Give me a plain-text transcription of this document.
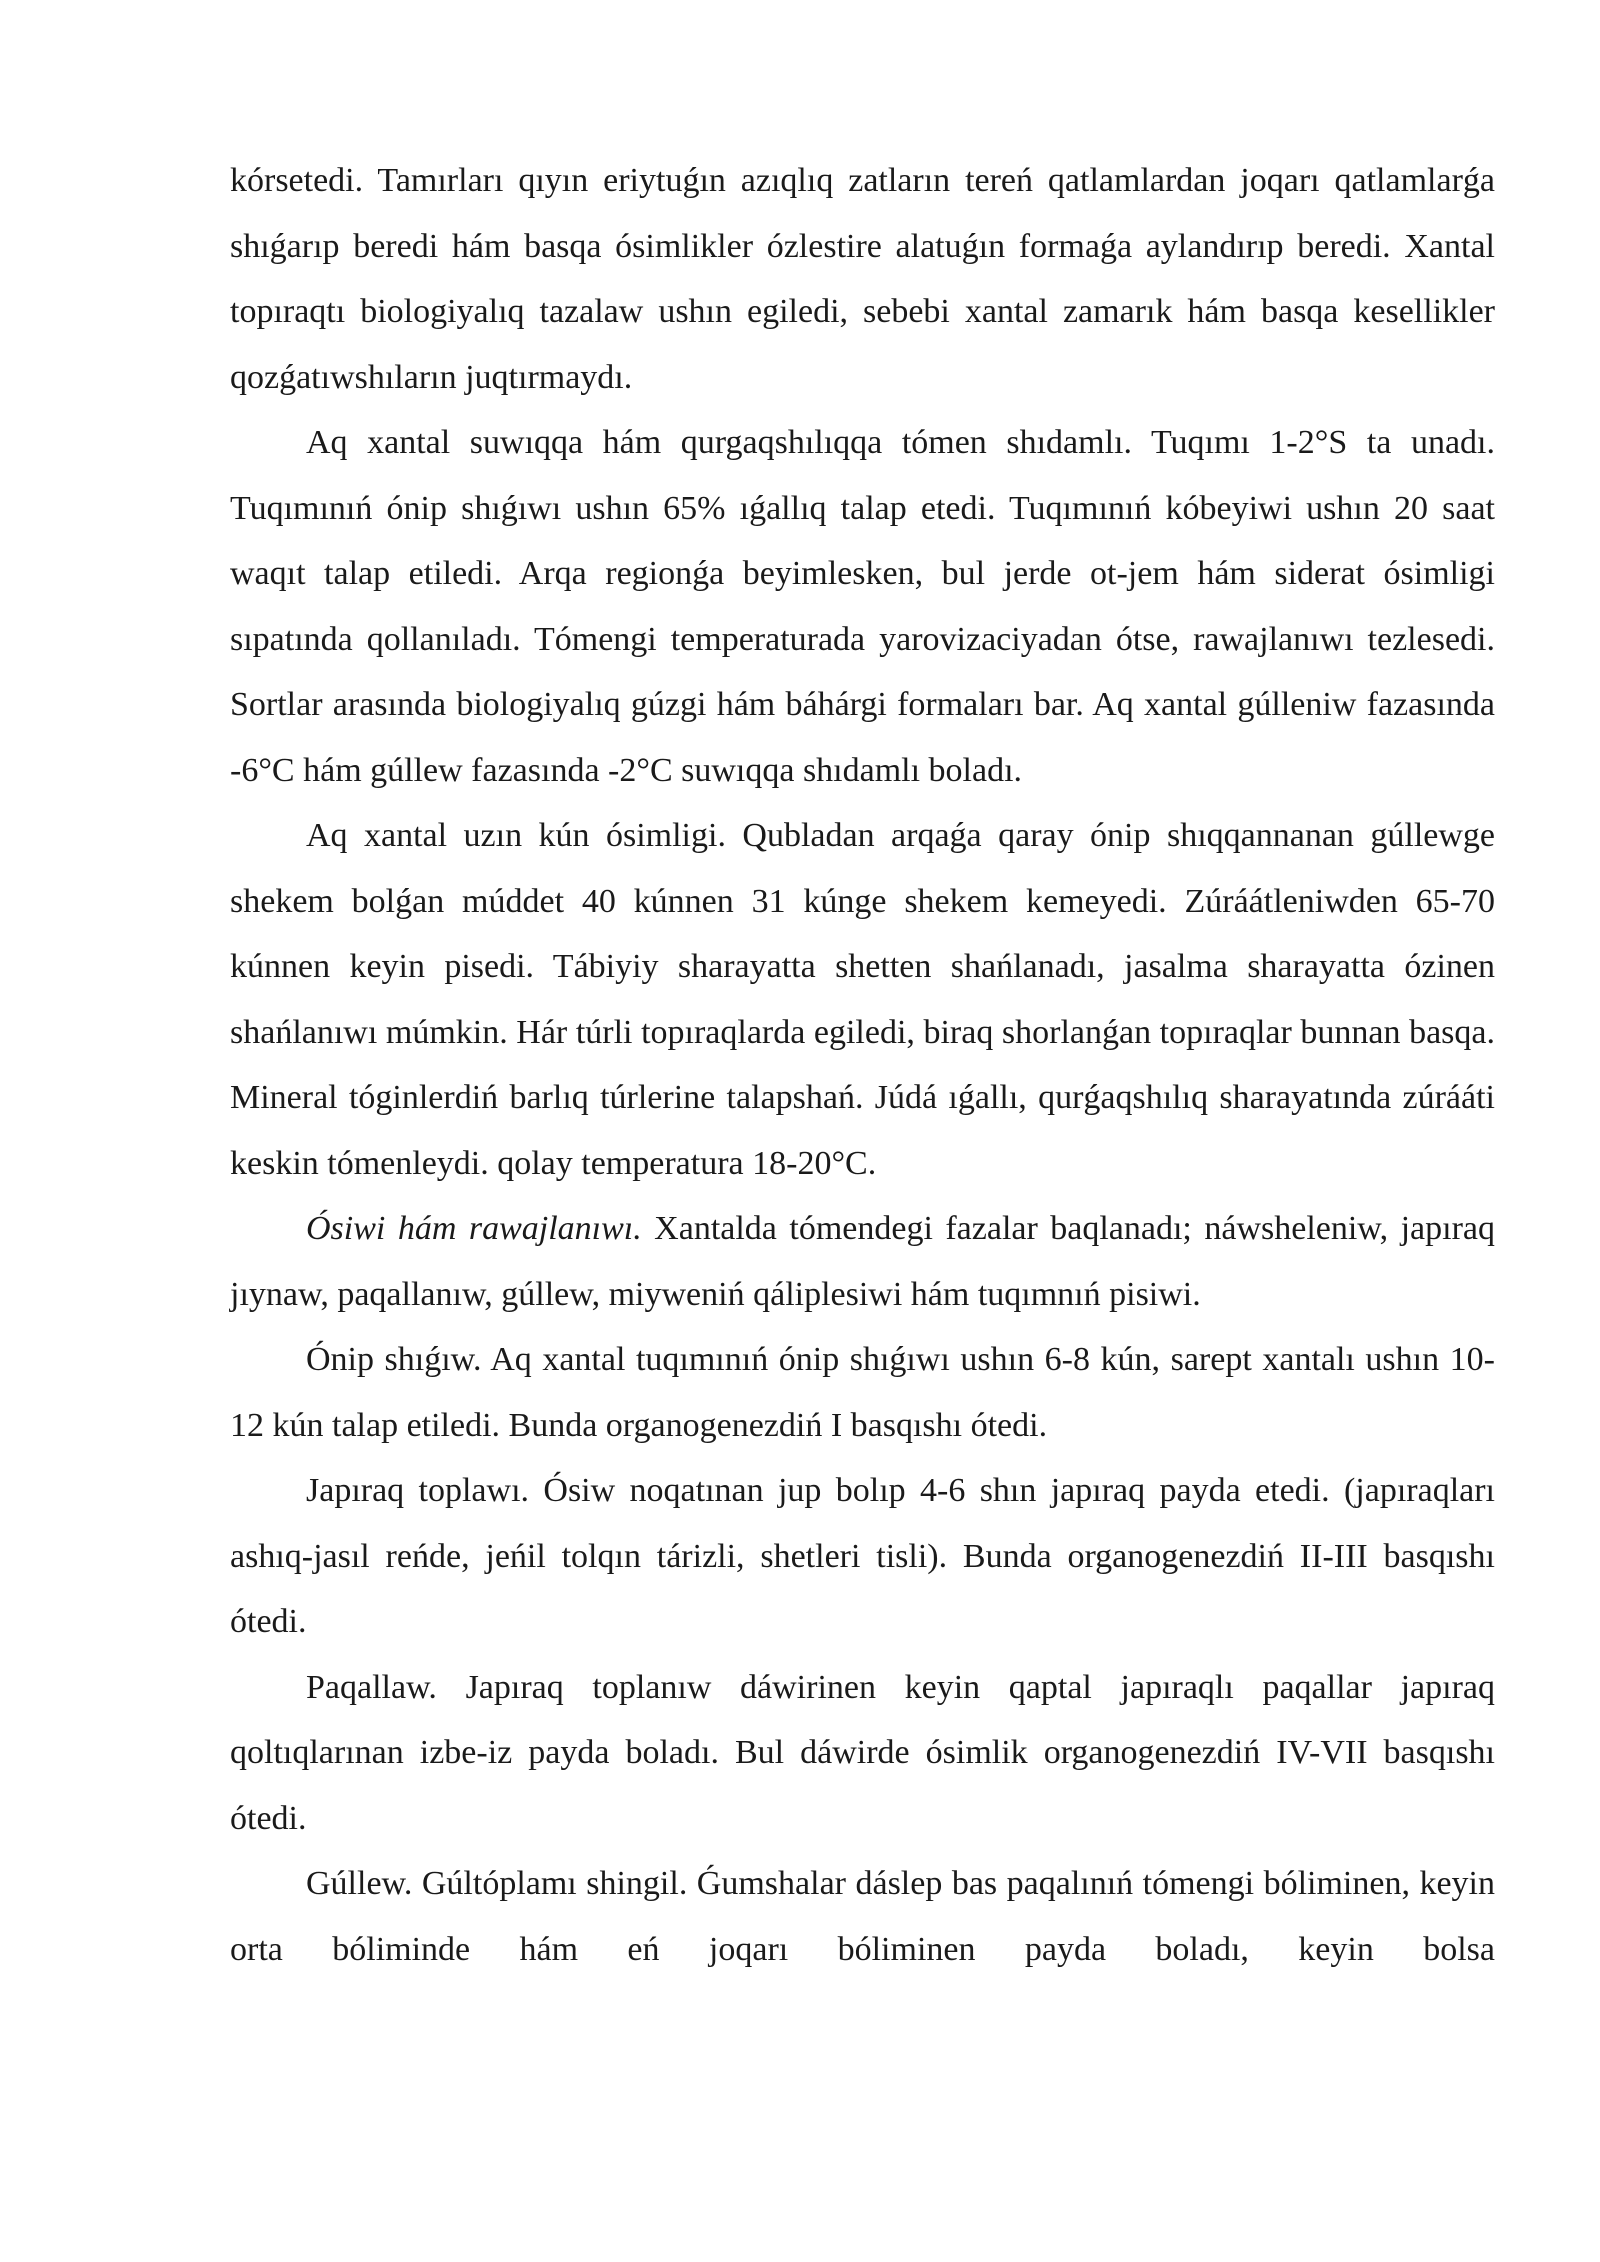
kórsetedi. Tamırları qıyın eriytuǵın azıqlıq zatların tereń qatlamlardan joqarı qatlamlarǵa shıǵarıp beredi hám basqa ósimlikler ózlestire alatuǵın formaǵa aylandırıp beredi. Xantal topıraqtı biologiyalıq tazalaw ushın egiledi, sebebi xantal zamarık hám basqa kesellikler qozǵatıwshıların juqtırmaydı.

Aq xantal suwıqqa hám qurgaqshılıqqa tómen shıdamlı. Tuqımı 1-2°S ta unadı. Tuqımınıń ónip shıǵıwı ushın 65% ıǵallıq talap etedi. Tuqımınıń kóbeyiwi ushın 20 saat waqıt talap etiledi. Arqa regionǵa beyimlesken, bul jerde ot-jem hám siderat ósimligi sıpatında qollanıladı. Tómengi temperaturada yarovizaciyadan ótse, rawajlanıwı tezlesedi. Sortlar arasında biologiyalıq gúzgi hám báhárgi formaları bar. Aq xantal gúlleniw fazasında -6°C hám gúllew fazasında -2°C suwıqqa shıdamlı boladı.

Aq xantal uzın kún ósimligi. Qubladan arqaǵa qaray ónip shıqqannanan gúllewge shekem bolǵan múddet 40 kúnnen 31 kúnge shekem kemeyedi. Zúráátleniwden 65-70 kúnnen keyin pisedi. Tábiyiy sharayatta shetten shańlanadı, jasalma sharayatta ózinen shańlanıwı múmkin. Hár túrli topıraqlarda egiledi, biraq shorlanǵan topıraqlar bunnan basqa. Mineral tóginlerdiń barlıq túrlerine talapshań. Júdá ıǵallı, qurǵaqshılıq sharayatında zúrááti keskin tómenleydi. qolay temperatura 18-20°C.

Ósiwi hám rawajlanıwı. Xantalda tómendegi fazalar baqlanadı; náwsheleniw, japıraq jıynaw, paqallanıw, gúllew, miyweniń qáliplesiwi hám tuqımnıń pisiwi.

Ónip shıǵıw. Aq xantal tuqımınıń ónip shıǵıwı ushın 6-8 kún, sarept xantalı ushın 10-12 kún talap etiledi. Bunda organogenezdiń I basqıshı ótedi.

Japıraq toplawı. Ósiw noqatınan jup bolıp 4-6 shın japıraq payda etedi. (japıraqları ashıq-jasıl reńde, jeńil tolqın tárizli, shetleri tisli). Bunda organogenezdiń II-III basqıshı ótedi.

Paqallaw. Japıraq toplanıw dáwirinen keyin qaptal japıraqlı paqallar japıraq qoltıqlarınan izbe-iz payda boladı. Bul dáwirde ósimlik organogenezdiń IV-VII basqıshı ótedi.

Gúllew. Gúltóplamı shingil. Ǵumshalar dáslep bas paqalınıń tómengi bóliminen, keyin orta bóliminde hám eń joqarı bóliminen payda boladı, keyin bolsa
